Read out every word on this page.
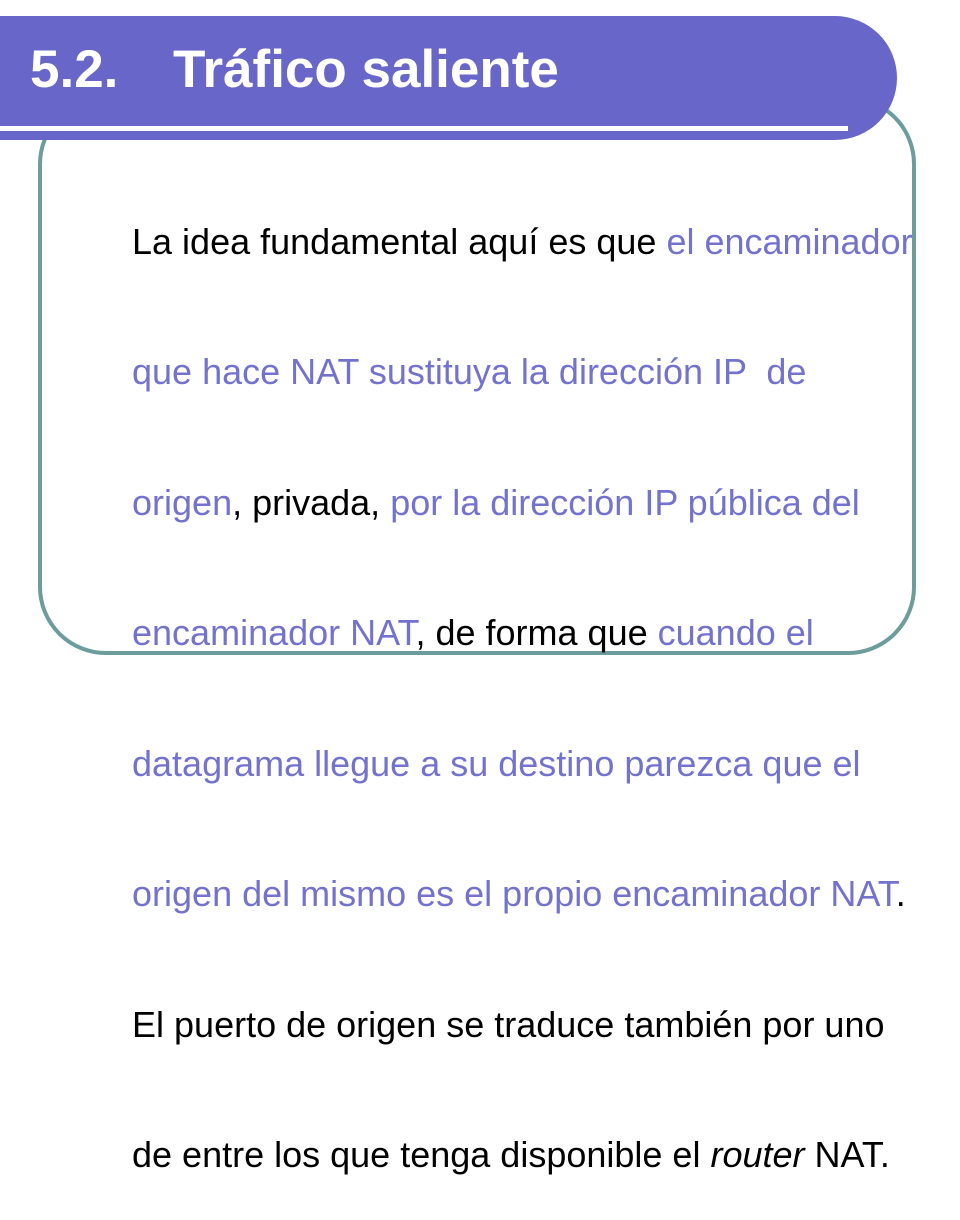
5.2. Tráfico saliente

La idea fundamental aquí es que el encaminador

que hace NAT sustituya la dirección IP  de

origen, privada, por la dirección IP pública del

encaminador NAT, de forma que cuando el

datagrama llegue a su destino parezca que el

origen del mismo es el propio encaminador NAT.

El puerto de origen se traduce también por uno

de entre los que tenga disponible el router NAT.
